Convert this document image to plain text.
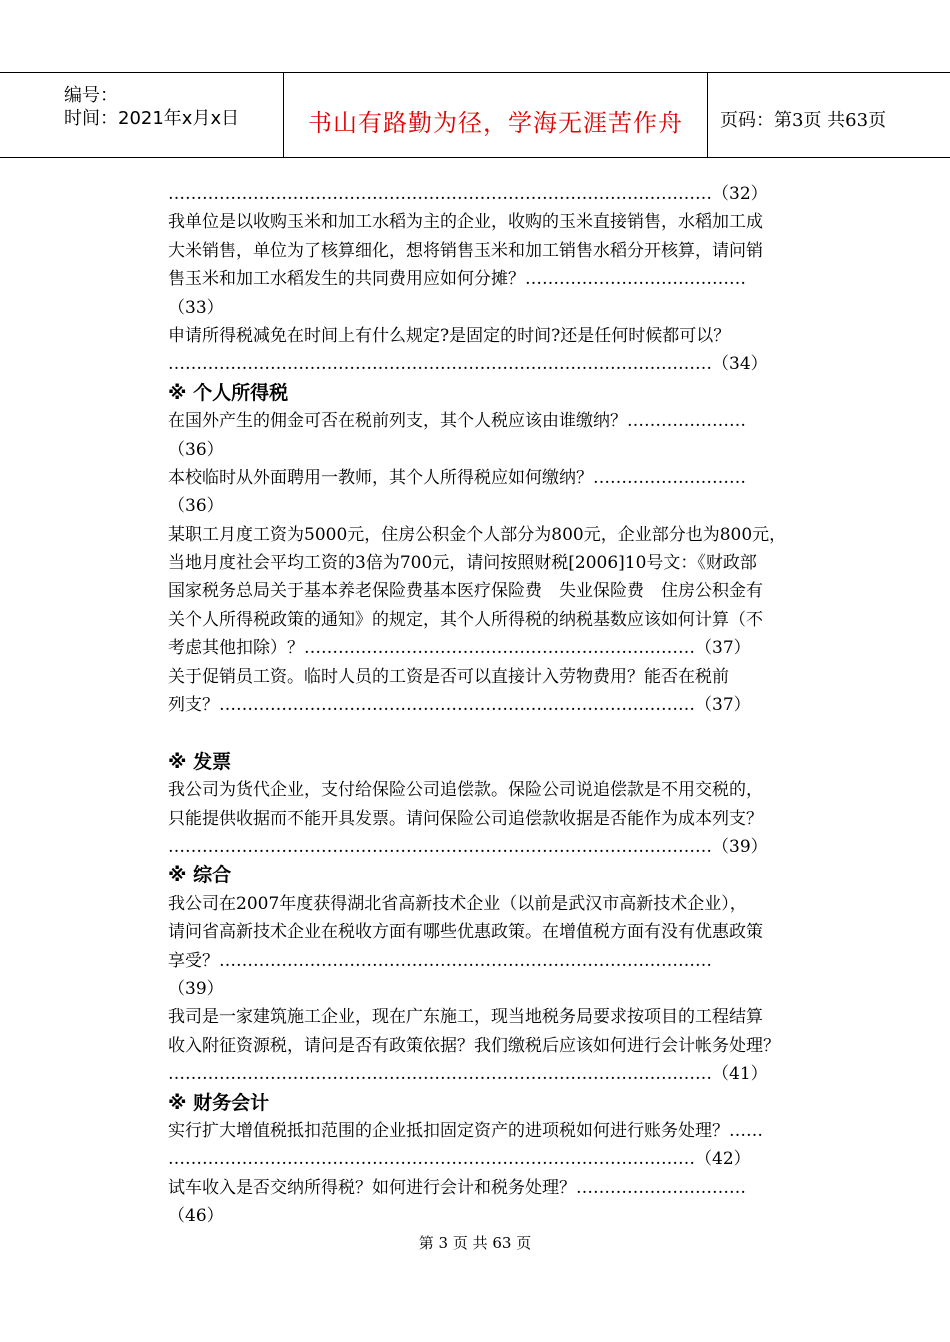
编号：
时间：2021年x月x日	书山有路勤为径，学海无涯苦作舟	页码：第3页 共63页
……………………………………………………………………………………（32）
我单位是以收购玉米和加工水稻为主的企业，收购的玉米直接销售，水稻加工成
大米销售，单位为了核算细化，想将销售玉米和加工销售水稻分开核算，请问销
售玉米和加工水稻发生的共同费用应如何分摊？…………………………………
（33）
申请所得税减免在时间上有什么规定?是固定的时间?还是任何时候都可以？
……………………………………………………………………………………（34）
※ 个人所得税
在国外产生的佣金可否在税前列支，其个人税应该由谁缴纳？…………………
（36）
本校临时从外面聘用一教师，其个人所得税应如何缴纳？………………………
（36）
某职工月度工资为5000元，住房公积金个人部分为800元，企业部分也为800元，
当地月度社会平均工资的3倍为700元，请问按照财税[2006]10号文：《财政部
国家税务总局关于基本养老保险费基本医疗保险费　失业保险费　住房公积金有
关个人所得税政策的通知》的规定，其个人所得税的纳税基数应该如何计算（不
考虑其他扣除）？……………………………………………………………（37）
关于促销员工资。临时人员的工资是否可以直接计入劳物费用？能否在税前
列支？…………………………………………………………………………（37）
※ 发票
我公司为货代企业，支付给保险公司追偿款。保险公司说追偿款是不用交税的，
只能提供收据而不能开具发票。请问保险公司追偿款收据是否能作为成本列支？
……………………………………………………………………………………（39）
※ 综合
我公司在2007年度获得湖北省高新技术企业（以前是武汉市高新技术企业），
请问省高新技术企业在税收方面有哪些优惠政策。在增值税方面有没有优惠政策
享受？……………………………………………………………………………
（39）
我司是一家建筑施工企业，现在广东施工，现当地税务局要求按项目的工程结算
收入附征资源税，请问是否有政策依据？我们缴税后应该如何进行会计帐务处理？
……………………………………………………………………………………（41）
※ 财务会计
实行扩大增值税抵扣范围的企业抵扣固定资产的进项税如何进行账务处理？……
…………………………………………………………………………………（42）
试车收入是否交纳所得税？如何进行会计和税务处理？…………………………
（46）
第 3 页 共 63 页
